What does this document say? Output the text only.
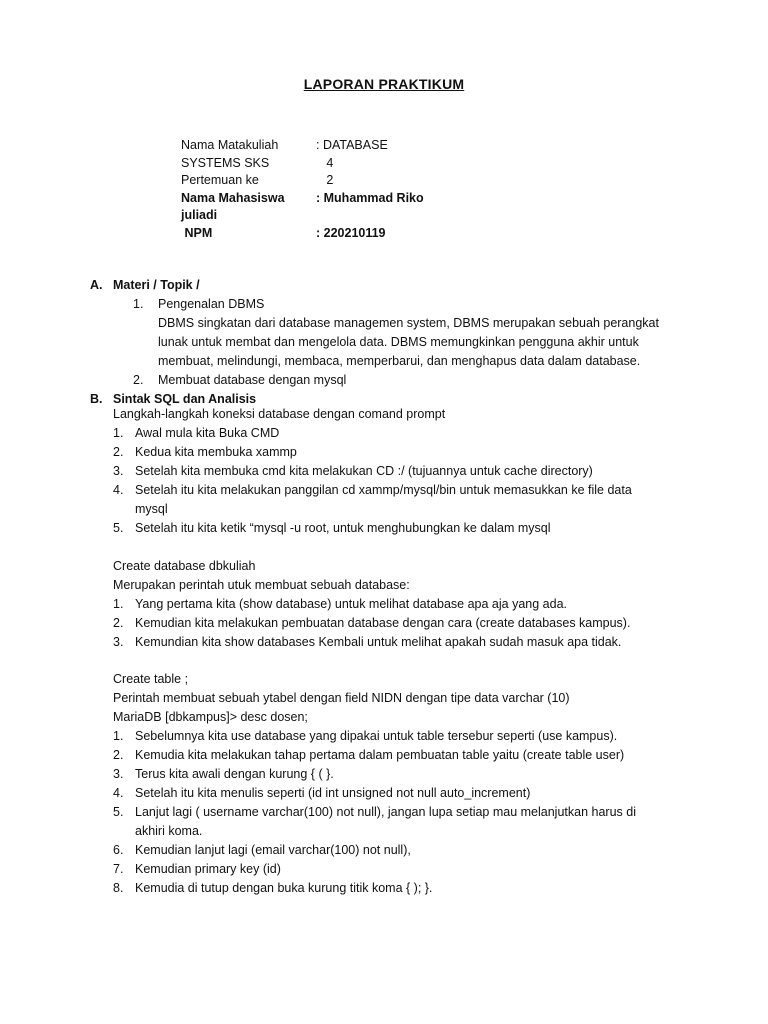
LAPORAN PRAKTIKUM
Nama Matakuliah	: DATABASE
SYSTEMS SKS	4
Pertemuan ke	2
Nama Mahasiswa	: Muhammad Riko
juliadi
NPM	: 220210119
A. Materi / Topik /
1.	Pengenalan DBMS
DBMS singkatan dari database managemen system, DBMS merupakan sebuah perangkat lunak untuk membat dan mengelola data. DBMS memungkinkan pengguna akhir untuk membuat, melindungi, membaca, memperbarui, dan menghapus data dalam database.
2.	Membuat database dengan mysql
B. Sintak SQL dan Analisis
Langkah-langkah koneksi database dengan comand prompt
1. Awal mula kita Buka CMD
2. Kedua kita membuka xammp
3. Setelah kita membuka cmd kita melakukan CD :/ (tujuannya untuk cache directory)
4. Setelah itu kita melakukan panggilan cd xammp/mysql/bin untuk memasukkan ke file data mysql
5. Setelah itu kita ketik “mysql -u root, untuk menghubungkan ke dalam mysql
Create database dbkuliah
Merupakan perintah utuk membuat sebuah database:
1. Yang pertama kita (show database) untuk melihat database apa aja yang ada.
2. Kemudian kita melakukan pembuatan database dengan cara (create databases kampus).
3. Kemundian kita show databases Kembali untuk melihat apakah sudah masuk apa tidak.
Create table ;
Perintah membuat sebuah ytabel dengan field NIDN dengan tipe data varchar (10)
MariaDB [dbkampus]> desc dosen;
1. Sebelumnya kita use database yang dipakai untuk table tersebur seperti (use kampus).
2. Kemudia kita melakukan tahap pertama dalam pembuatan table yaitu (create table user)
3. Terus kita awali dengan kurung { ( }.
4. Setelah itu kita menulis seperti (id int unsigned not null auto_increment)
5. Lanjut lagi ( username varchar(100) not null), jangan lupa setiap mau melanjutkan harus di akhiri koma.
6. Kemudian lanjut lagi (email varchar(100) not null),
7. Kemudian primary key (id)
8. Kemudia di tutup dengan buka kurung titik koma { ); }.
